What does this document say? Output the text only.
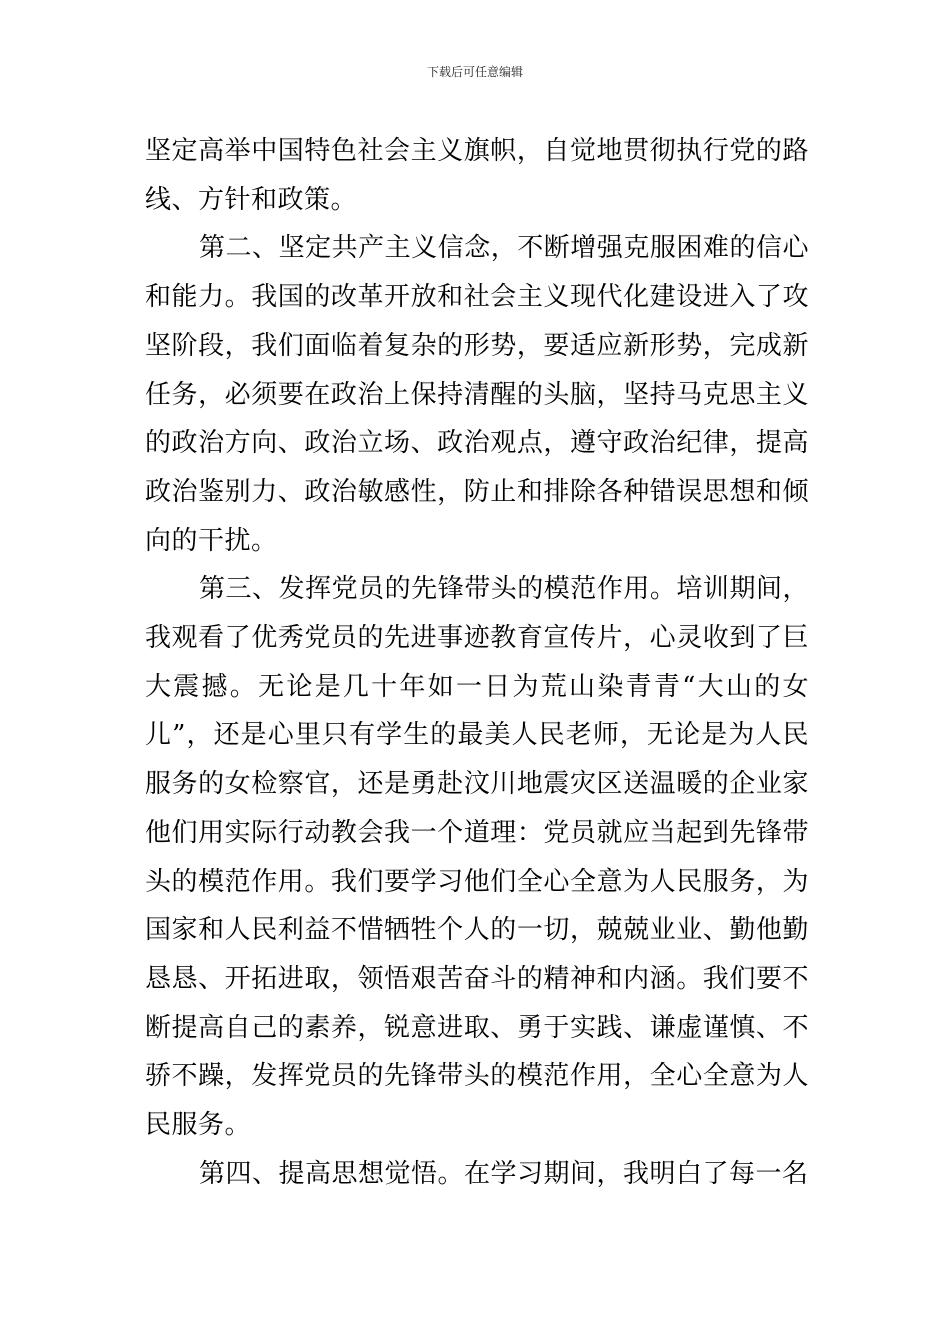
下载后可任意编辑

坚定高举中国特色社会主义旗帜，自觉地贯彻执行党的路线、方针和政策。

第二、坚定共产主义信念，不断增强克服困难的信心和能力。我国的改革开放和社会主义现代化建设进入了攻坚阶段，我们面临着复杂的形势，要适应新形势，完成新任务，必须要在政治上保持清醒的头脑，坚持马克思主义的政治方向、政治立场、政治观点，遵守政治纪律，提高政治鉴别力、政治敏感性，防止和排除各种错误思想和倾向的干扰。

第三、发挥党员的先锋带头的模范作用。培训期间，我观看了优秀党员的先进事迹教育宣传片，心灵收到了巨大震撼。无论是几十年如一日为荒山染青青“大山的女儿”，还是心里只有学生的最美人民老师，无论是为人民服务的女检察官，还是勇赴汶川地震灾区送温暖的企业家他们用实际行动教会我一个道理：党员就应当起到先锋带头的模范作用。我们要学习他们全心全意为人民服务，为国家和人民利益不惜牺牲个人的一切，兢兢业业、勤他勤恳恳、开拓进取，领悟艰苦奋斗的精神和内涵。我们要不断提高自己的素养，锐意进取、勇于实践、谦虚谨慎、不骄不躁，发挥党员的先锋带头的模范作用，全心全意为人民服务。

第四、提高思想觉悟。在学习期间，我明白了每一名
